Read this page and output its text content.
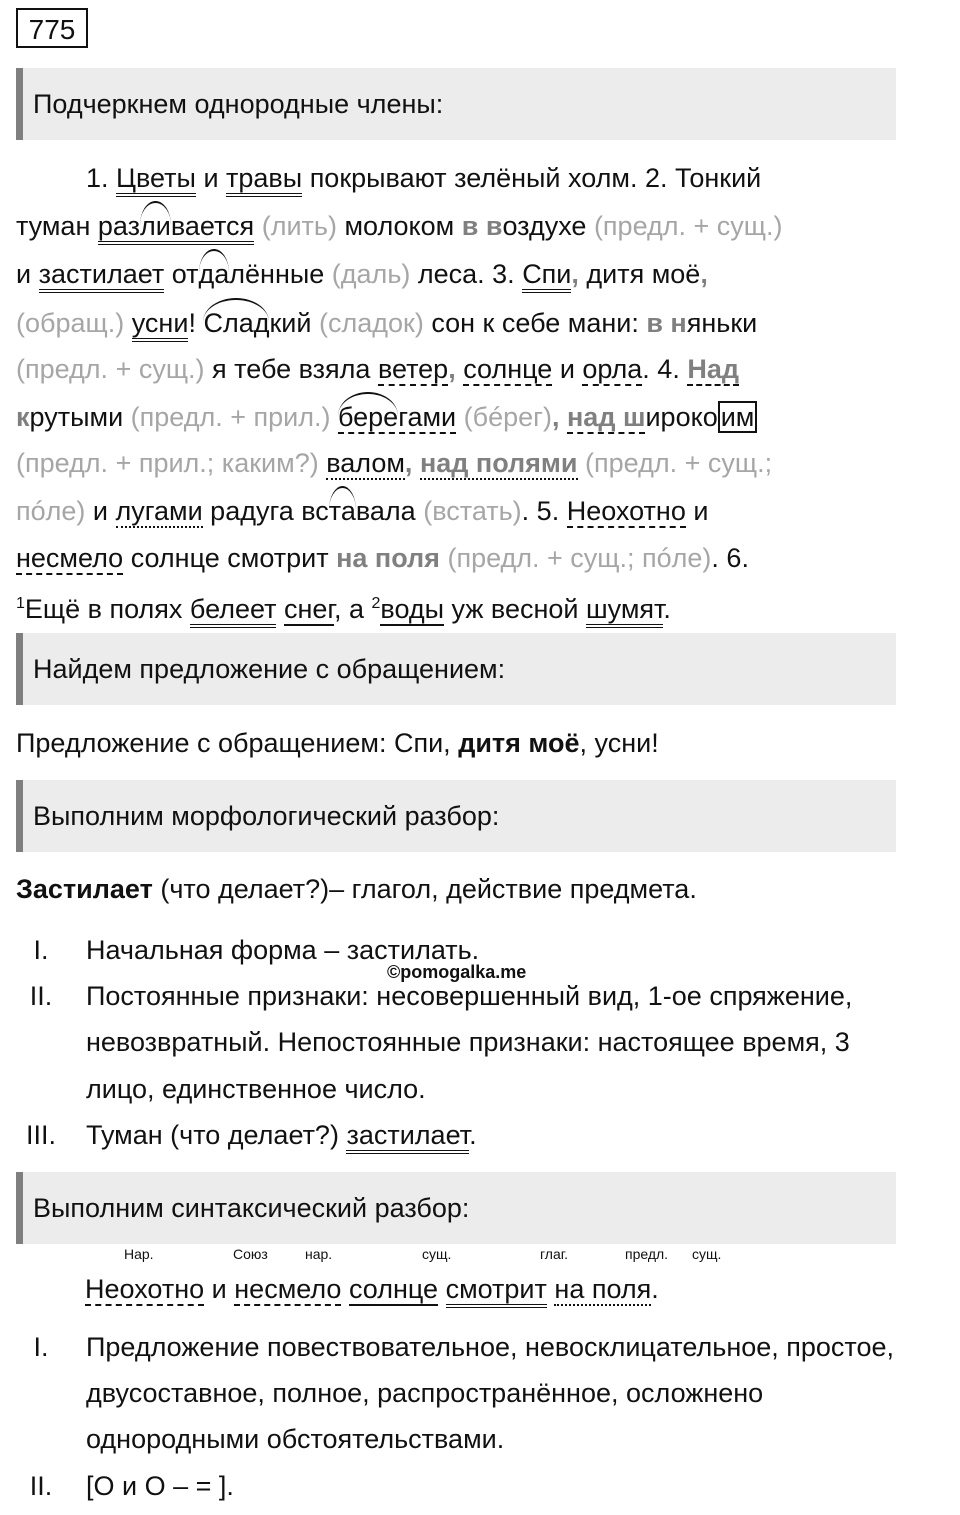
775
Подчеркнем однородные члены:
1. Цветы и травы покрывают зелёный холм. 2. Тонкий
туман разливается (лить) молоком в воздухе (предл. + сущ.)
и застилает отдалённые (даль) леса. 3. Спи, дитя моё,
(обращ.) усни! Сладкий (сладок) сон к себе мани: в няньки
(предл. + сущ.) я тебе взяла ветер, солнце и орла. 4. Над
крутыми (предл. + прил.) берегами (бéрег), над широко им
(предл. + прил.; каким?) валом, над полями (предл. + сущ.;
пóле) и лугами радуга вставала (встать). 5. Неохотно и
несмело солнце смотрит на поля (предл. + сущ.; пóле). 6.
$^1$Ещё в полях белеет снег, а $^2$воды уж весной шумят.
Найдем предложение с обращением:
Предложение с обращением: Спи, дитя моё, усни!
Выполним морфологический разбор:
Застилает (что делает?)– глагол, действие предмета.
I.	Начальная форма – застилать.
II.	Постоянные признаки: несовершенный вид, 1-ое спряжение, невозвратный. Непостоянные признаки: настоящее время, 3 лицо, единственное число.
III.	Туман (что делает?) застилает.
©pomogalka.me
Выполним синтаксический разбор:
Нар.	Союз	нар.	сущ.	глаг.	предл. сущ.
Неохотно и несмело солнце смотрит на поля.
I.	Предложение повествовательное, невосклицательное, простое, двусоставное, полное, распространённое, осложнено однородными обстоятельствами.
II.	[О и О – = ].
